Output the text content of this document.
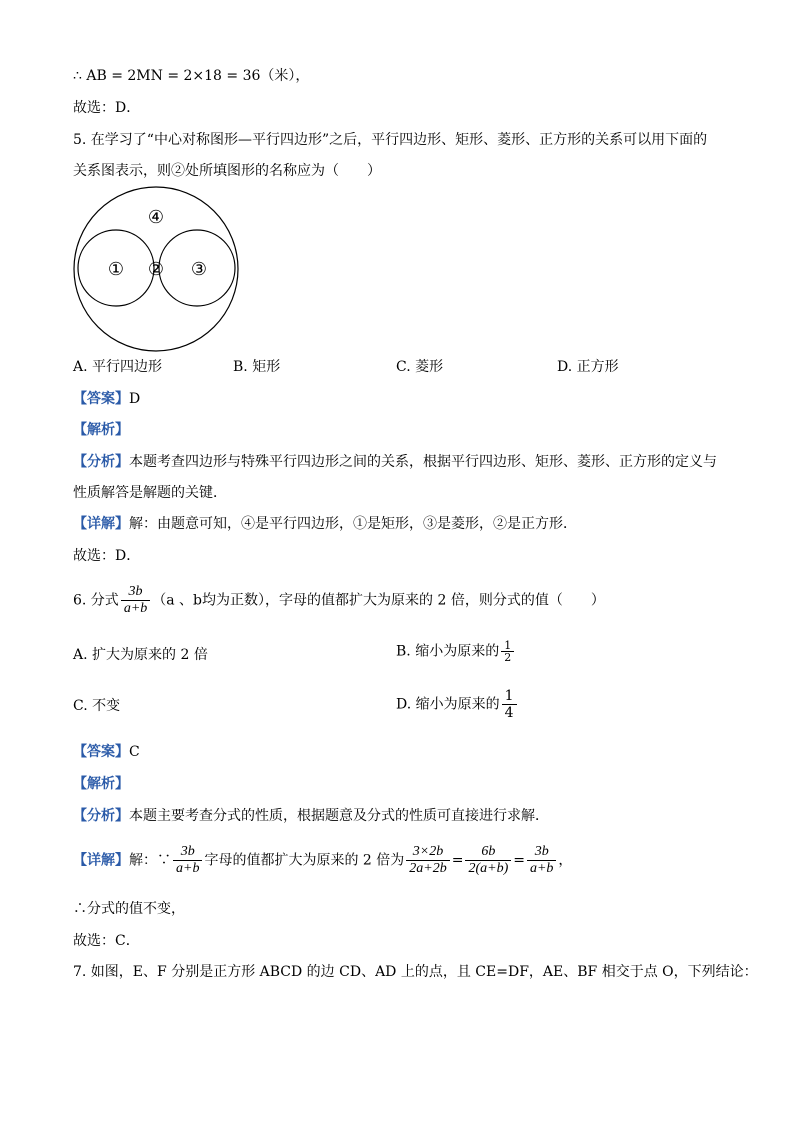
∴ AB = 2MN = 2×18 = 36（米），
故选：D．
5. 在学习了“中心对称图形—平行四边形”之后，平行四边形、矩形、菱形、正方形的关系可以用下面的
关系图表示，则②处所填图形的名称应为（　　）
① ② ③
④
A. 平行四边形	B. 矩形	C. 菱形	D. 正方形
【答案】D
【解析】
【分析】本题考查四边形与特殊平行四边形之间的关系，根据平行四边形、矩形、菱形、正方形的定义与
性质解答是解题的关键．
【详解】解：由题意可知，④是平行四边形，①是矩形，③是菱形，②是正方形．
故选：D．
6. 分式 $\frac{3b}{a+b} (a$ 、b均为正数），字母的值都扩大为原来的 2 倍，则分式的值（　　）
A. 扩大为原来的 2 倍	B. 缩小为原来的 $\frac{1}{2}$
C. 不变	D. 缩小为原来的 $\frac{1}{4}$
【答案】C
【解析】
【分析】本题主要考查分式的性质，根据题意及分式的性质可直接进行求解．
【详解】解：∵ $\frac{3b}{a+b}$ 字母的值都扩大为原来的 2 倍为 $\frac{3\times 2b}{2a+2b} = \frac{6b}{2(a+b)} = \frac{3b}{a+b}$ ，
∴分式的值不变，
故选：C．
7. 如图，E、F 分别是正方形 ABCD 的边 CD、AD 上的点，且 CE=DF，AE、BF 相交于点 O，下列结论：
